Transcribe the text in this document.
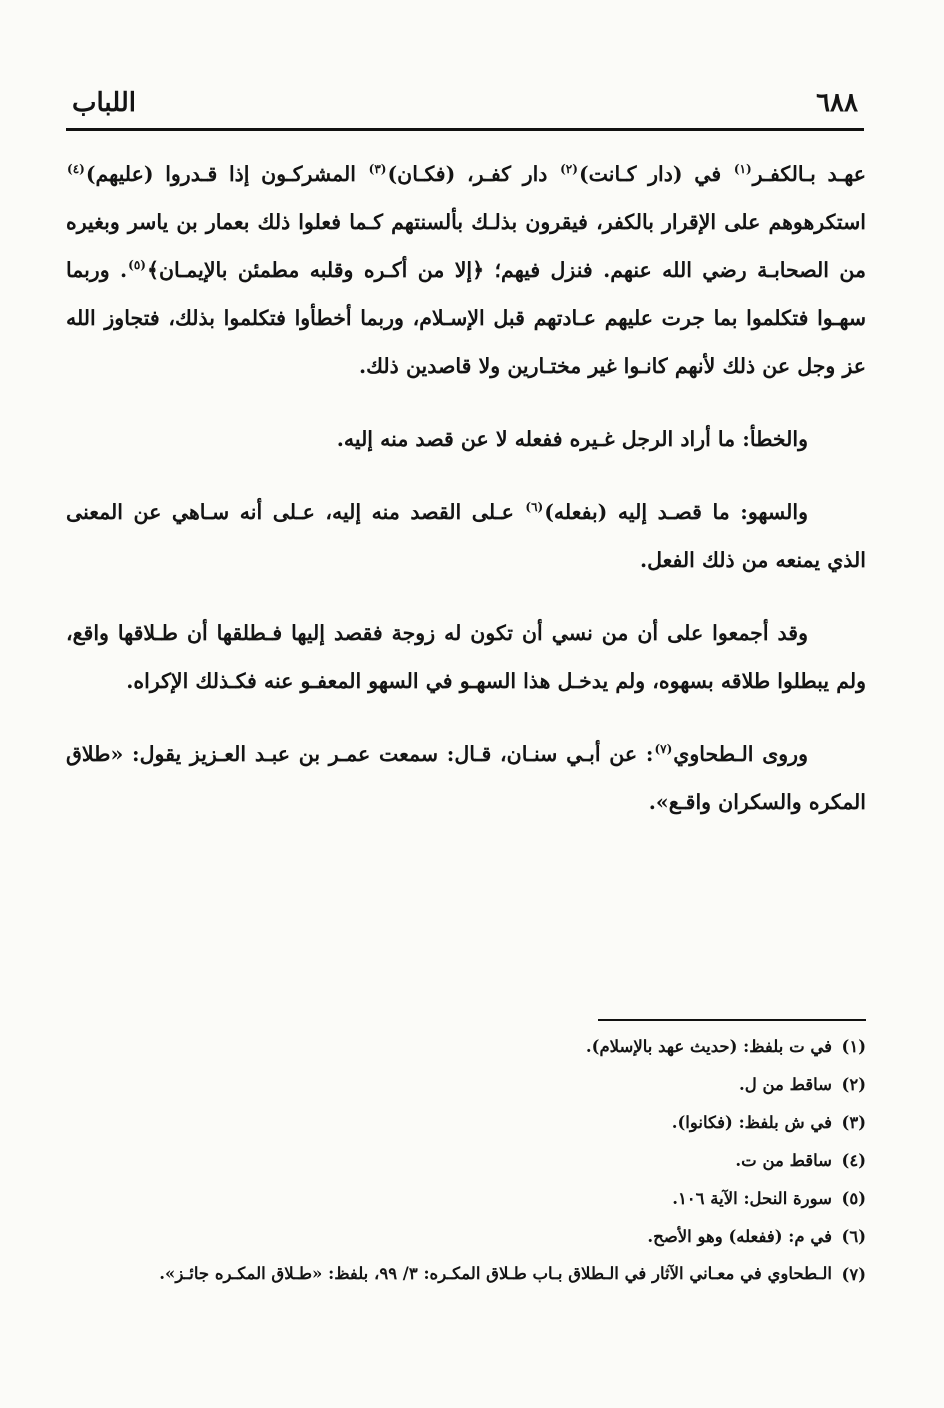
٦٨٨
اللباب

عهـد بـالكفـر$^{(١)}$ في (دار كـانت)$^{(٢)}$ دار كفـر، (فكـان)$^{(٣)}$ المشركـون إذا قـدروا (عليهم)$^{(٤)}$ استكرهوهم على الإقرار بالكفر، فيقرون بذلـك بألسنتهم كـما فعلوا ذلك بعمار بن ياسر وبغيره من الصحابـة رضي الله عنهم. فنزل فيهم؛ ﴿إلا من أكـره وقلبه مطمئن بالإيمـان﴾$^{(٥)}$. وربما سهـوا فتكلموا بما جرت عليهم عـادتهم قبل الإسـلام، وربما أخطأوا فتكلموا بذلك، فتجاوز الله عز وجل عن ذلك لأنهم كانـوا غير مختـارين ولا قاصدين ذلك.

والخطأ: ما أراد الرجل غـيره ففعله لا عن قصد منه إليه.

والسهو: ما قصـد إليه (بفعله)$^{(٦)}$ عـلى القصد منه إليه، عـلى أنه سـاهي عن المعنى الذي يمنعه من ذلك الفعل.

وقد أجمعوا على أن من نسي أن تكون له زوجة فقصد إليها فـطلقها أن طـلاقها واقع، ولم يبطلوا طلاقه بسهوه، ولم يدخـل هذا السهـو في السهو المعفـو عنه فكـذلك الإكراه.

وروى الـطحاوي$^{(٧)}$: عن أبـي سنـان، قـال: سمعت عمـر بن عبـد العـزيز يقول: «طلاق المكره والسكران واقـع».

(١)
في ت بلفظ: (حديث عهد بالإسلام).
(٢)
ساقط من ل.
(٣)
في ش بلفظ: (فكانوا).
(٤)
ساقط من ت.
(٥)
سورة النحل: الآية ١٠٦.
(٦)
في م: (ففعله) وهو الأصح.
(٧)
الـطحاوي في معـاني الآثار في الـطلاق بـاب طـلاق المكـره: ٣/ ٩٩، بلفظ: «طـلاق المكـره جائـز».
